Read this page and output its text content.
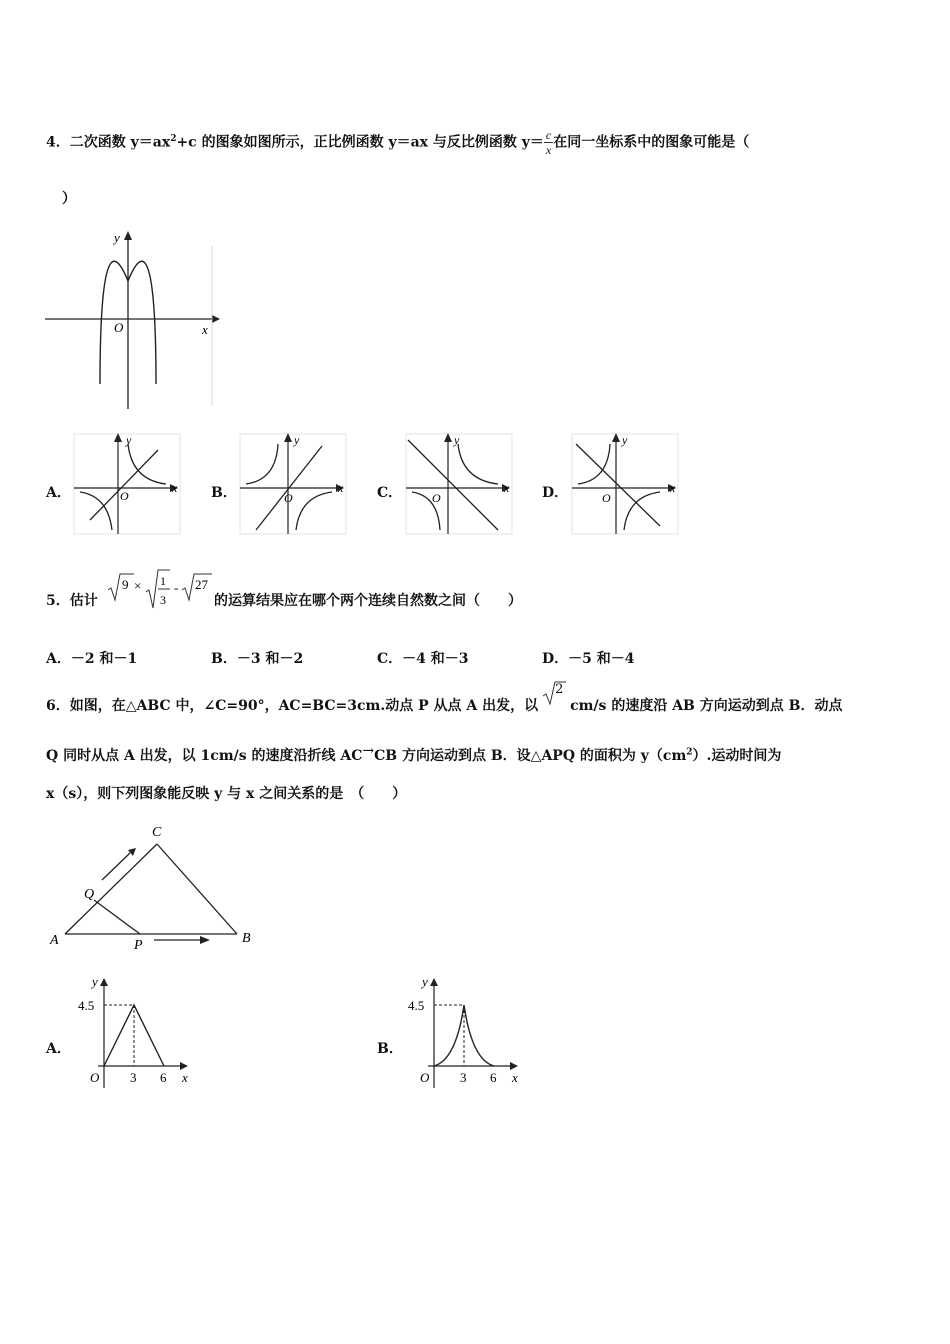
4．二次函数 $y=ax^2+c$ 的图象如图所示，正比例函数 y＝ax 与反比例函数 $y= \frac{c}{x}$ 在同一坐标系中的图象可能是（
）
y
x
O
A．
y
x
O	B．
y
x
O	C．
y
x
O	D．
y
x
O
5．估计
9 × 1
3
- 27
的运算结果应在哪个两个连续自然数之间（　　）
A．－2 和－1	B．－3 和－2	C．－4 和－3	D．－5 和－4
6．如图，在△ABC 中，∠C=90°，AC=BC=3cm.动点 P 从点 A 出发，以
2
cm/s 的速度沿 AB 方向运动到点 B．动点
Q 同时从点 A 出发，以 1cm/s 的速度沿折线 AC→CB 方向运动到点 B．设△APQ 的面积为 $y(cm^2)$.运动时间为
x（s），则下列图象能反映 y 与 x 之间关系的是　（　　）
A	B
C
P
Q
A．
4.5
O 3 6
y
x
B．
4.5
O 3 6
y
x
